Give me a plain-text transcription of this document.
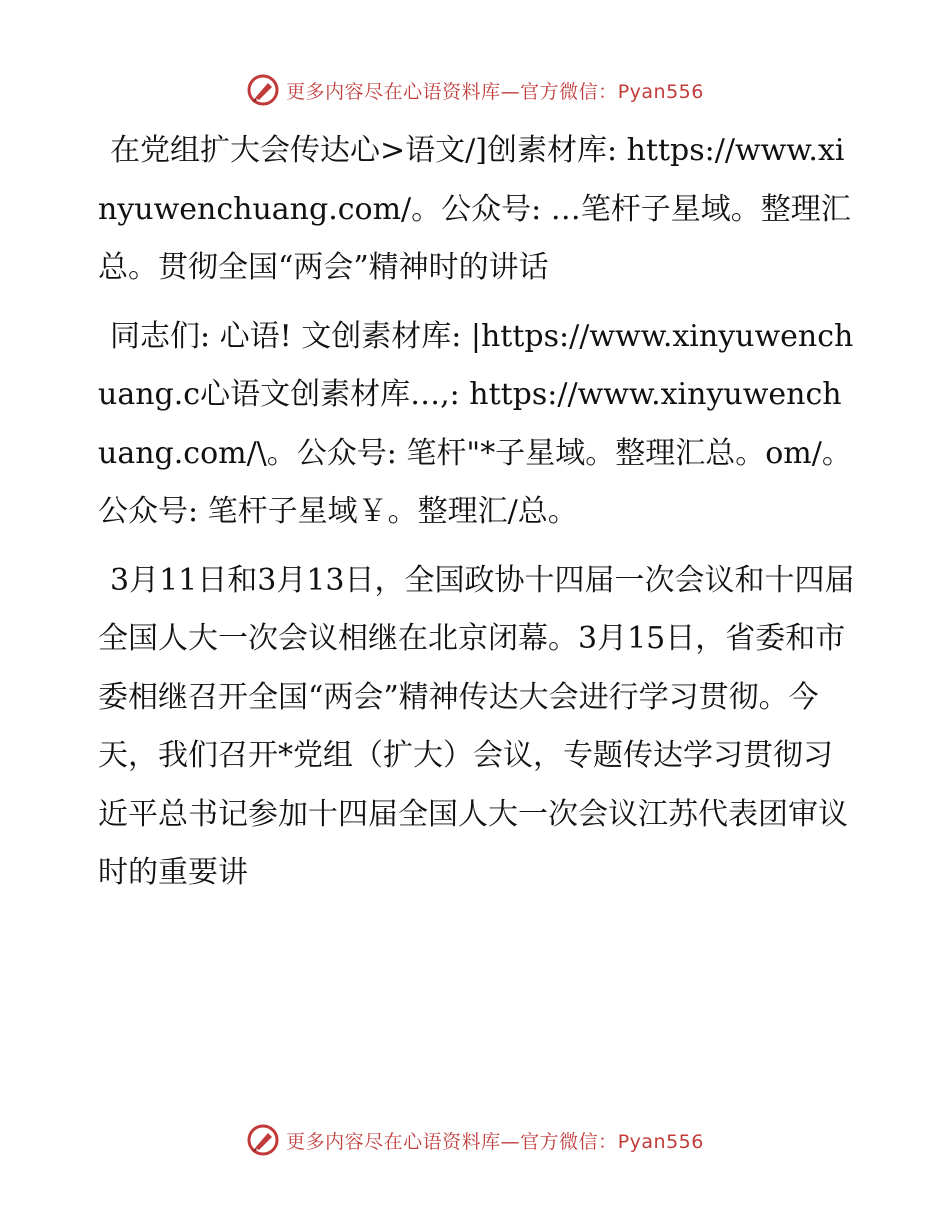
更多内容尽在心语资料库—官方微信：Pyan556

在党组扩大会传达心>语文/]创素材库: https://www.xinyuwenchuang.com/。公众号: …笔杆子星域。整理汇总。贯彻全国“两会”精神时的讲话

同志们: 心语! 文创素材库: |https://www.xinyuwenchuang.c心语文创素材库…,: https://www.xinyuwenchuang.com/\。公众号: 笔杆"*子星域。整理汇总。om/。公众号: 笔杆子星域￥。整理汇/总。

3月11日和3月13日，全国政协十四届一次会议和十四届全国人大一次会议相继在北京闭幕。3月15日，省委和市委相继召开全国“两会”精神传达大会进行学习贯彻。今天，我们召开*党组（扩大）会议，专题传达学习贯彻习近平总书记参加十四届全国人大一次会议江苏代表团审议时的重要讲

更多内容尽在心语资料库—官方微信：Pyan556
